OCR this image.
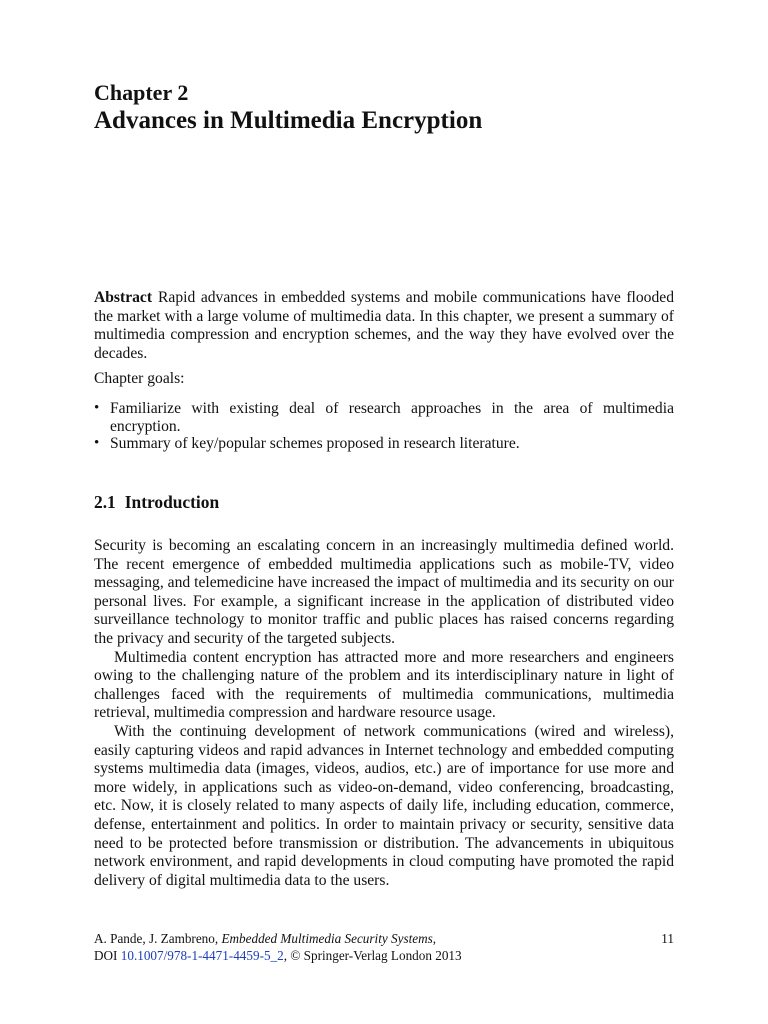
Chapter 2
Advances in Multimedia Encryption
Abstract Rapid advances in embedded systems and mobile communications have flooded the market with a large volume of multimedia data. In this chapter, we present a summary of multimedia compression and encryption schemes, and the way they have evolved over the decades.
Chapter goals:
• Familiarize with existing deal of research approaches in the area of multimedia encryption.
• Summary of key/popular schemes proposed in research literature.
2.1 Introduction

Security is becoming an escalating concern in an increasingly multimedia defined world. The recent emergence of embedded multimedia applications such as mobile-TV, video messaging, and telemedicine have increased the impact of multimedia and its security on our personal lives. For example, a significant increase in the application of distributed video surveillance technology to monitor traffic and public places has raised concerns regarding the privacy and security of the targeted subjects.

Multimedia content encryption has attracted more and more researchers and engineers owing to the challenging nature of the problem and its interdisciplinary nature in light of challenges faced with the requirements of multimedia communications, multimedia retrieval, multimedia compression and hardware resource usage.

With the continuing development of network communications (wired and wireless), easily capturing videos and rapid advances in Internet technology and embedded computing systems multimedia data (images, videos, audios, etc.) are of importance for use more and more widely, in applications such as video-on-demand, video conferencing, broadcasting, etc. Now, it is closely related to many aspects of daily life, including education, commerce, defense, entertainment and politics. In order to maintain privacy or security, sensitive data need to be protected before transmission or distribution. The advancements in ubiquitous network environment, and rapid developments in cloud computing have promoted the rapid delivery of digital multimedia data to the users.

A. Pande, J. Zambreno, Embedded Multimedia Security Systems,	11
DOI 10.1007/978-1-4471-4459-5_2, © Springer-Verlag London 2013
